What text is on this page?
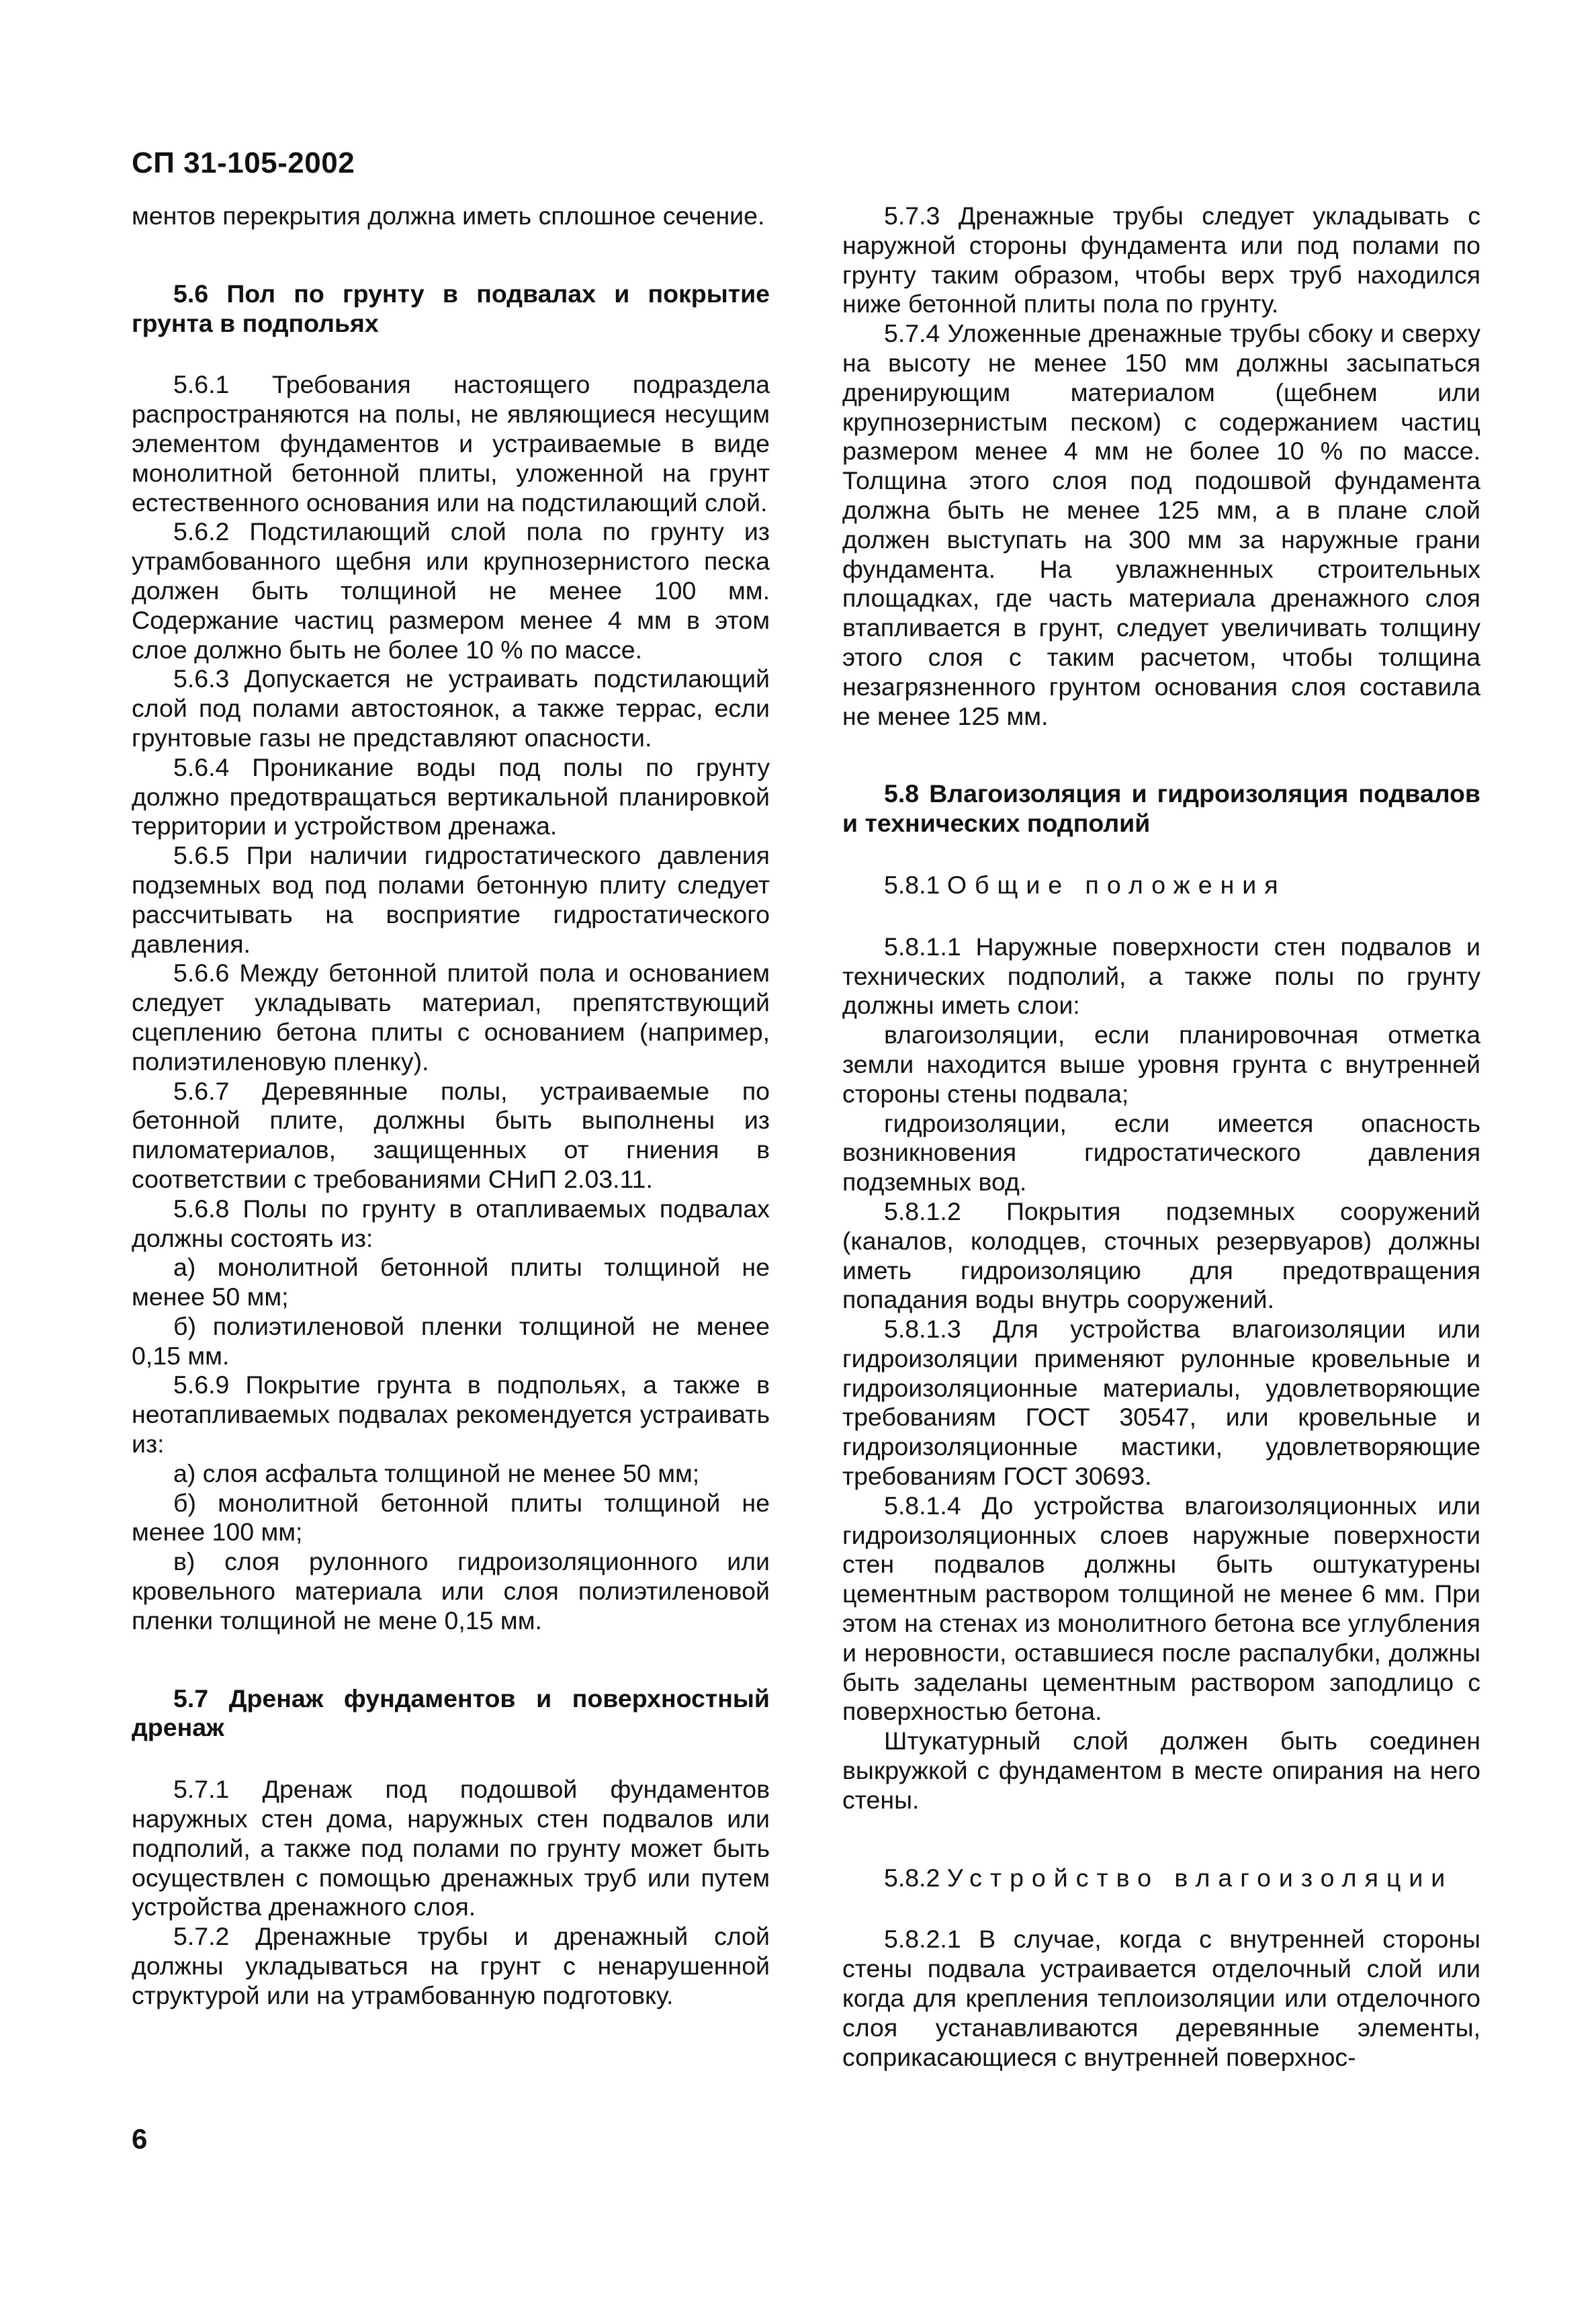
СП 31-105-2002

ментов перекрытия должна иметь сплошное сечение.

5.6 Пол по грунту в подвалах и покрытие грунта в подпольях

5.6.1 Требования настоящего подраздела распространяются на полы, не являющиеся несущим элементом фундаментов и устраиваемые в виде монолитной бетонной плиты, уложенной на грунт естественного основания или на подстилающий слой.

5.6.2 Подстилающий слой пола по грунту из утрамбованного щебня или крупнозернистого песка должен быть толщиной не менее 100 мм. Содержание частиц размером менее 4 мм в этом слое должно быть не более 10 % по массе.

5.6.3 Допускается не устраивать подстилающий слой под полами автостоянок, а также террас, если грунтовые газы не представляют опасности.

5.6.4 Проникание воды под полы по грунту должно предотвращаться вертикальной планировкой территории и устройством дренажа.

5.6.5 При наличии гидростатического давления подземных вод под полами бетонную плиту следует рассчитывать на восприятие гидростатического давления.

5.6.6 Между бетонной плитой пола и основанием следует укладывать материал, препятствующий сцеплению бетона плиты с основанием (например, полиэтиленовую пленку).

5.6.7 Деревянные полы, устраиваемые по бетонной плите, должны быть выполнены из пиломатериалов, защищенных от гниения в соответствии с требованиями СНиП 2.03.11.

5.6.8 Полы по грунту в отапливаемых подвалах должны состоять из:

а) монолитной бетонной плиты толщиной не менее 50 мм;

б) полиэтиленовой пленки толщиной не менее 0,15 мм.

5.6.9 Покрытие грунта в подпольях, а также в неотапливаемых подвалах рекомендуется устраивать из:

а) слоя асфальта толщиной не менее 50 мм;

б) монолитной бетонной плиты толщиной не менее 100 мм;

в) слоя рулонного гидроизоляционного или кровельного материала или слоя полиэтиленовой пленки толщиной не мене 0,15 мм.

5.7 Дренаж фундаментов и поверхностный дренаж

5.7.1 Дренаж под подошвой фундаментов наружных стен дома, наружных стен подвалов или подполий, а также под полами по грунту может быть осуществлен с помощью дренажных труб или путем устройства дренажного слоя.

5.7.2 Дренажные трубы и дренажный слой должны укладываться на грунт с ненарушенной структурой или на утрамбованную подготовку.

5.7.3 Дренажные трубы следует укладывать с наружной стороны фундамента или под полами по грунту таким образом, чтобы верх труб находился ниже бетонной плиты пола по грунту.

5.7.4 Уложенные дренажные трубы сбоку и сверху на высоту не менее 150 мм должны засыпаться дренирующим материалом (щебнем или крупнозернистым песком) с содержанием частиц размером менее 4 мм не более 10 % по массе. Толщина этого слоя под подошвой фундамента должна быть не менее 125 мм, а в плане слой должен выступать на 300 мм за наружные грани фундамента. На увлажненных строительных площадках, где часть материала дренажного слоя втапливается в грунт, следует увеличивать толщину этого слоя с таким расчетом, чтобы толщина незагрязненного грунтом основания слоя составила не менее 125 мм.

5.8 Влагоизоляция и гидроизоляция подвалов и технических подполий

5.8.1 Общие положения

5.8.1.1 Наружные поверхности стен подвалов и технических подполий, а также полы по грунту должны иметь слои:

влагоизоляции, если планировочная отметка земли находится выше уровня грунта с внутренней стороны стены подвала;

гидроизоляции, если имеется опасность возникновения гидростатического давления подземных вод.

5.8.1.2 Покрытия подземных сооружений (каналов, колодцев, сточных резервуаров) должны иметь гидроизоляцию для предотвращения попадания воды внутрь сооружений.

5.8.1.3 Для устройства влагоизоляции или гидроизоляции применяют рулонные кровельные и гидроизоляционные материалы, удовлетворяющие требованиям ГОСТ 30547, или кровельные и гидроизоляционные мастики, удовлетворяющие требованиям ГОСТ 30693.

5.8.1.4 До устройства влагоизоляционных или гидроизоляционных слоев наружные поверхности стен подвалов должны быть оштукатурены цементным раствором толщиной не менее 6 мм. При этом на стенах из монолитного бетона все углубления и неровности, оставшиеся после распалубки, должны быть заделаны цементным раствором заподлицо с поверхностью бетона.

Штукатурный слой должен быть соединен выкружкой с фундаментом в месте опирания на него стены.

5.8.2 Устройство влагоизоляции

5.8.2.1 В случае, когда с внутренней стороны стены подвала устраивается отделочный слой или когда для крепления теплоизоляции или отделочного слоя устанавливаются деревянные элементы, соприкасающиеся с внутренней поверхнос-

6
